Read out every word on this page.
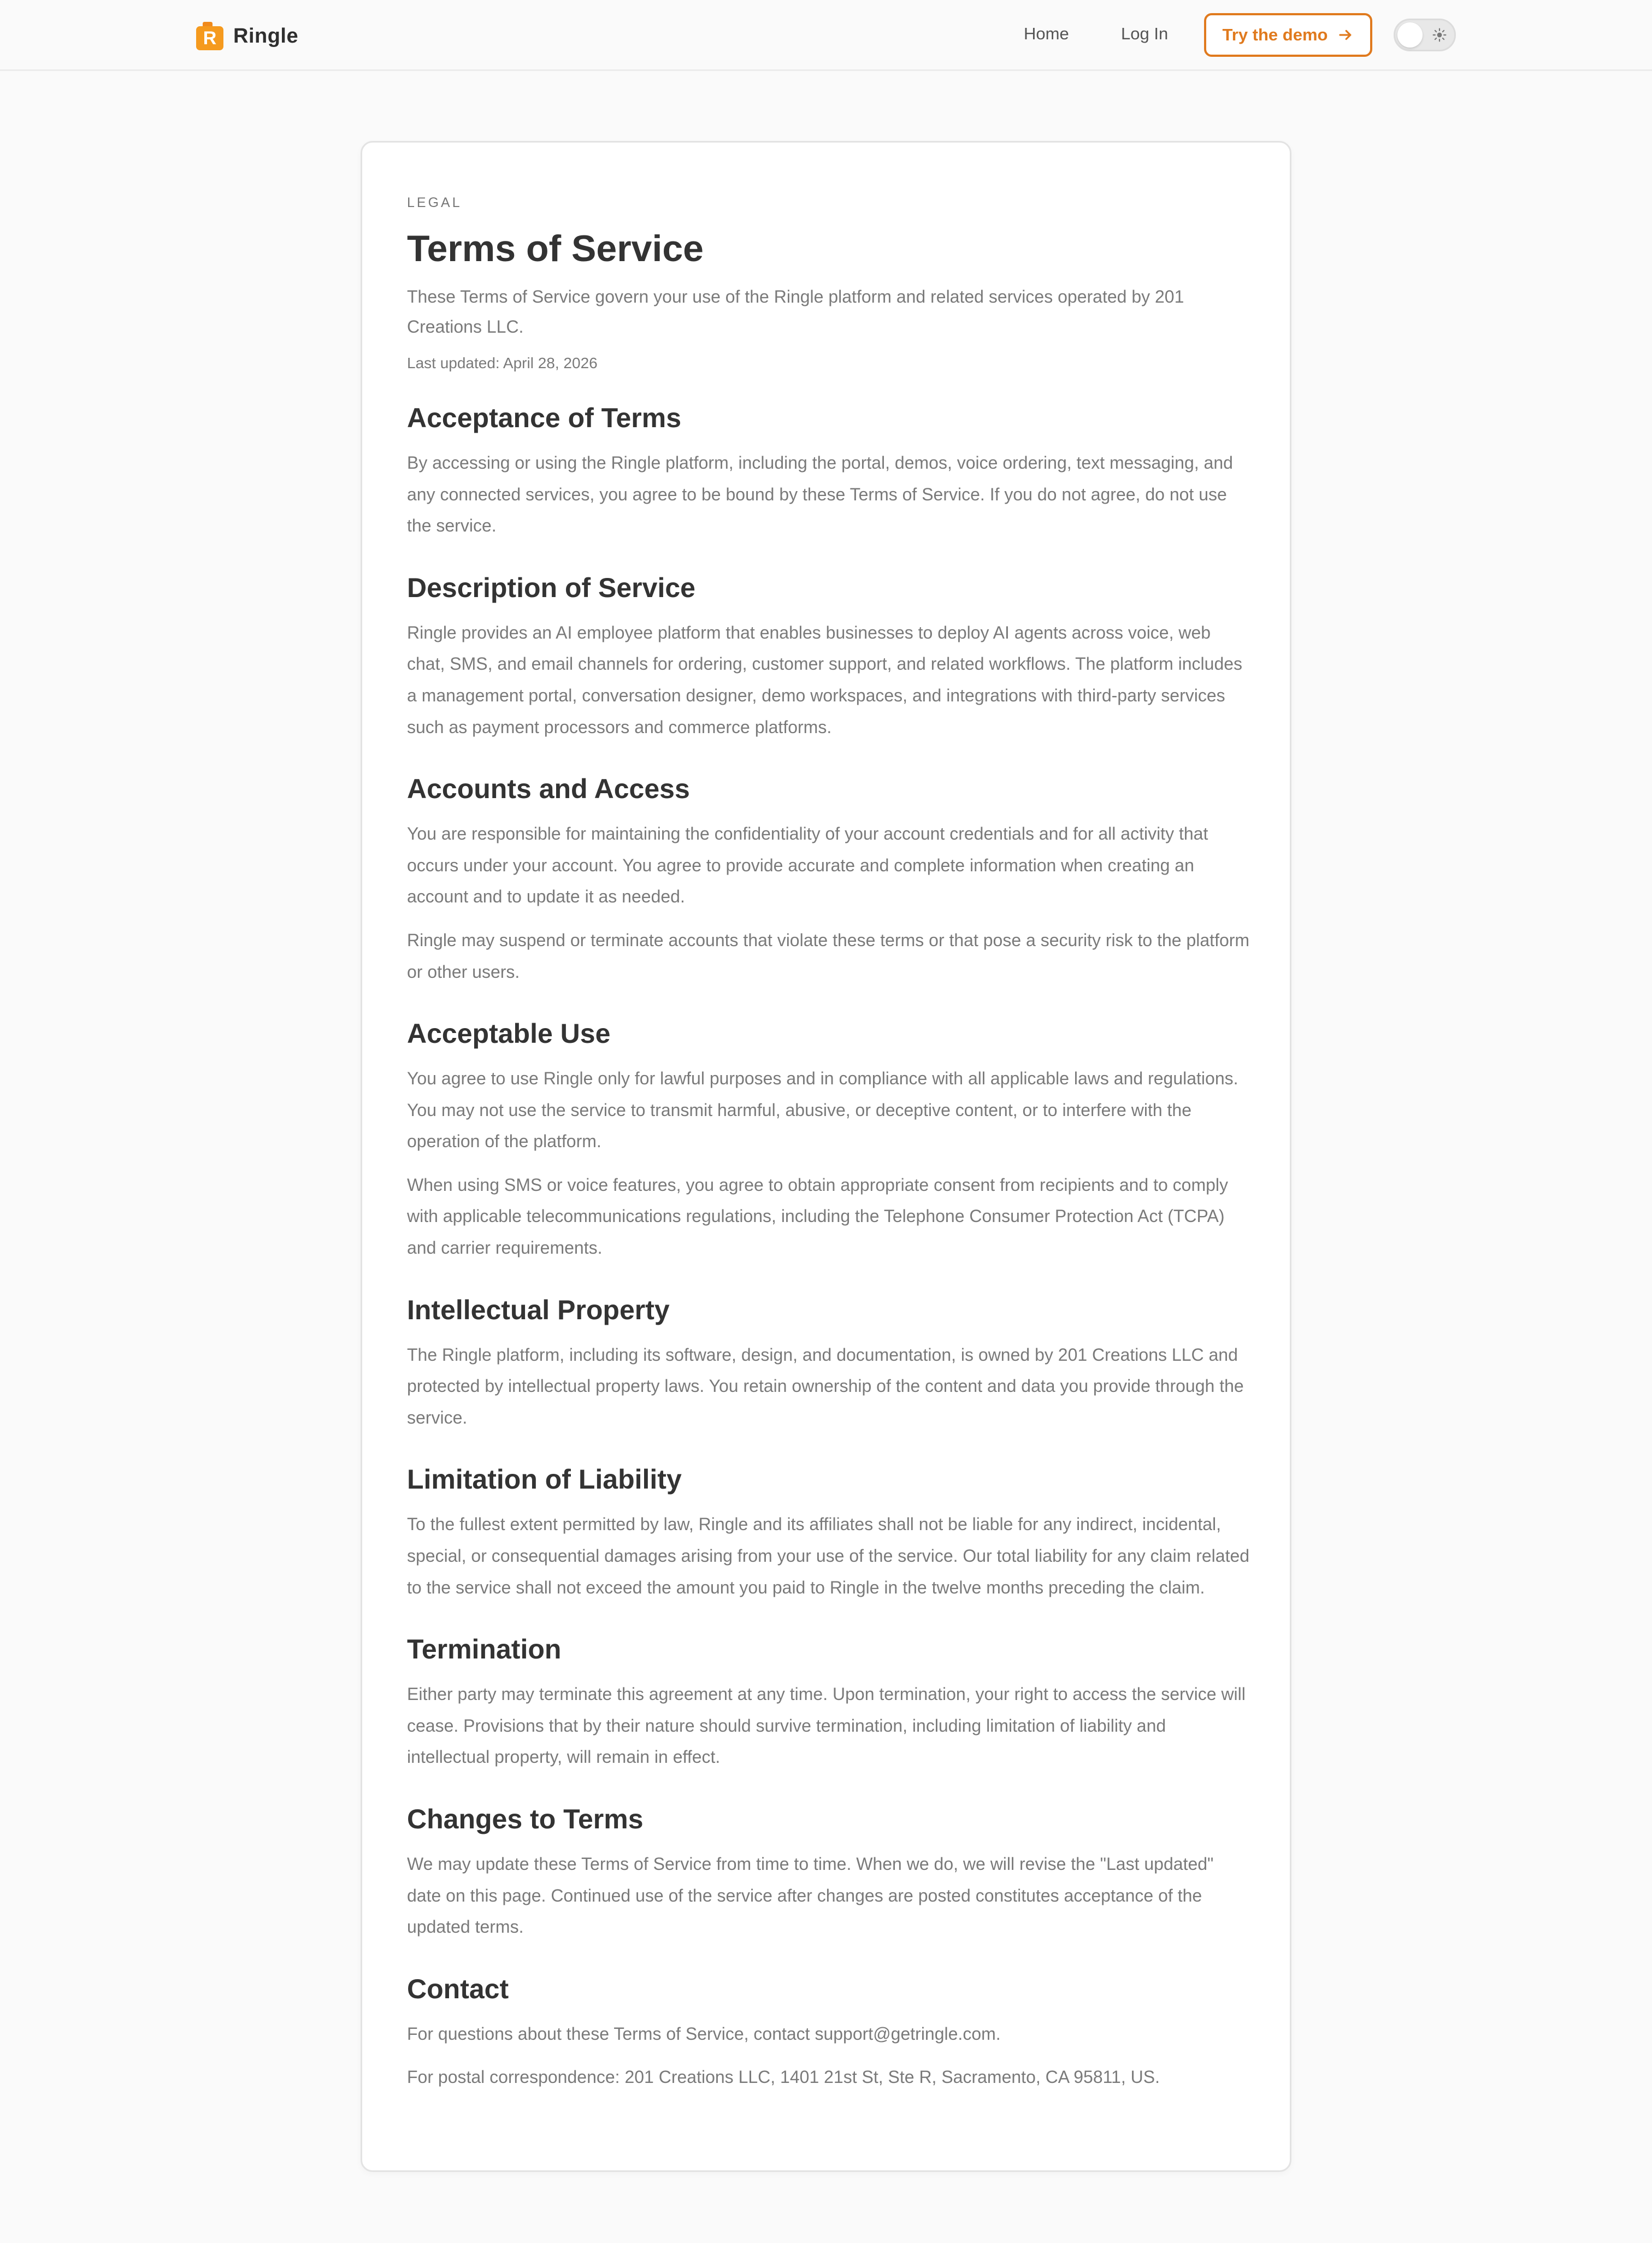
R Ringle	Home	Log In	Try the demo
LEGAL
Terms of Service

These Terms of Service govern your use of the Ringle platform and related services operated by 201 Creations LLC.

Last updated: April 28, 2026

Acceptance of Terms

By accessing or using the Ringle platform, including the portal, demos, voice ordering, text messaging, and any connected services, you agree to be bound by these Terms of Service. If you do not agree, do not use the service.

Description of Service

Ringle provides an AI employee platform that enables businesses to deploy AI agents across voice, web chat, SMS, and email channels for ordering, customer support, and related workflows. The platform includes a management portal, conversation designer, demo workspaces, and integrations with third-party services such as payment processors and commerce platforms.

Accounts and Access

You are responsible for maintaining the confidentiality of your account credentials and for all activity that occurs under your account. You agree to provide accurate and complete information when creating an account and to update it as needed.

Ringle may suspend or terminate accounts that violate these terms or that pose a security risk to the platform or other users.

Acceptable Use

You agree to use Ringle only for lawful purposes and in compliance with all applicable laws and regulations. You may not use the service to transmit harmful, abusive, or deceptive content, or to interfere with the operation of the platform.

When using SMS or voice features, you agree to obtain appropriate consent from recipients and to comply with applicable telecommunications regulations, including the Telephone Consumer Protection Act (TCPA) and carrier requirements.

Intellectual Property

The Ringle platform, including its software, design, and documentation, is owned by 201 Creations LLC and protected by intellectual property laws. You retain ownership of the content and data you provide through the service.

Limitation of Liability

To the fullest extent permitted by law, Ringle and its affiliates shall not be liable for any indirect, incidental, special, or consequential damages arising from your use of the service. Our total liability for any claim related to the service shall not exceed the amount you paid to Ringle in the twelve months preceding the claim.

Termination

Either party may terminate this agreement at any time. Upon termination, your right to access the service will cease. Provisions that by their nature should survive termination, including limitation of liability and intellectual property, will remain in effect.

Changes to Terms

We may update these Terms of Service from time to time. When we do, we will revise the "Last updated" date on this page. Continued use of the service after changes are posted constitutes acceptance of the updated terms.

Contact

For questions about these Terms of Service, contact support@getringle.com.

For postal correspondence: 201 Creations LLC, 1401 21st St, Ste R, Sacramento, CA 95811, US.
